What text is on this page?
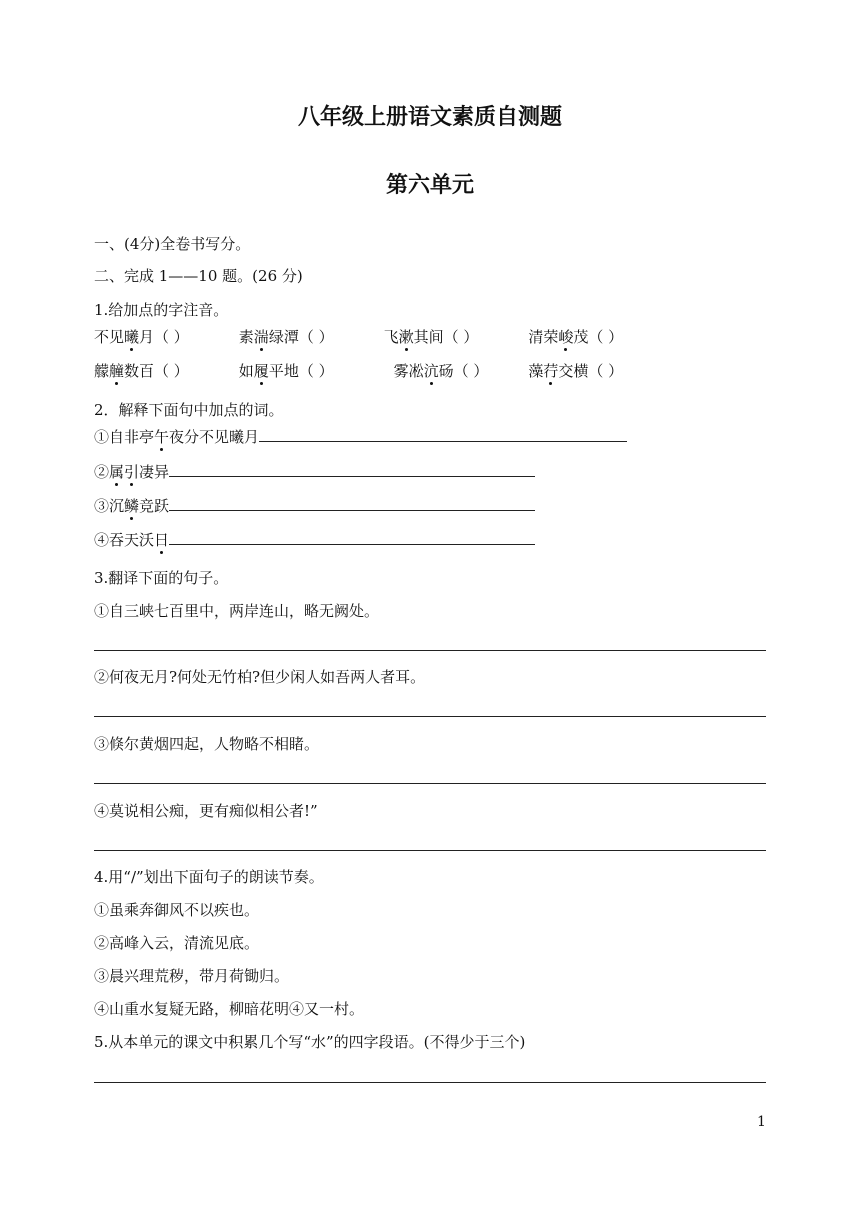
八年级上册语文素质自测题
第六单元
一、(4分)全卷书写分。
二、完成 1——10 题。(26 分)
1.给加点的字注音。
不见曦月（ ）	素湍绿潭（ ）	飞漱其间（ ）	清荣峻茂（ ）
艨艟数百（ ）	如履平地（ ）	雾凇沆砀（ ）	藻荇交横（ ）
2．解释下面句中加点的词。
①自非亭午夜分不见曦月
②属引凄异
③沉鳞竞跃
④吞天沃日
3.翻译下面的句子。
①自三峡七百里中，两岸连山，略无阙处。
②何夜无月?何处无竹柏?但少闲人如吾两人者耳。
③倏尔黄烟四起，人物略不相睹。
④莫说相公痴，更有痴似相公者!”
4.用“/”划出下面句子的朗读节奏。
①虽乘奔御风不以疾也。
②高峰入云，清流见底。
③晨兴理荒秽，带月荷锄归。
④山重水复疑无路，柳暗花明④又一村。
5.从本单元的课文中积累几个写“水”的四字段语。(不得少于三个)
1
